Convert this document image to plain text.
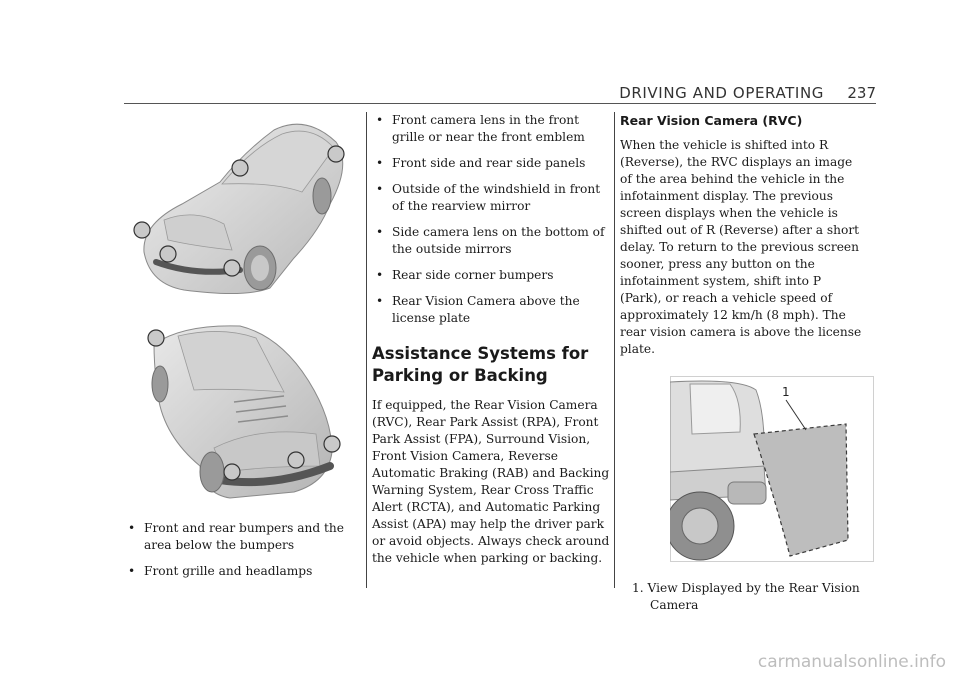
DRIVING AND OPERATING 237
• Front and rear bumpers and the area below the bumpers
• Front grille and headlamps
• Front camera lens in the front grille or near the front emblem
• Front side and rear side panels
• Outside of the windshield in front of the rearview mirror
• Side camera lens on the bottom of the outside mirrors
• Rear side corner bumpers
• Rear Vision Camera above the license plate
Assistance Systems for Parking or Backing

If equipped, the Rear Vision Camera (RVC), Rear Park Assist (RPA), Front Park Assist (FPA), Surround Vision, Front Vision Camera, Reverse Automatic Braking (RAB) and Backing Warning System, Rear Cross Traffic Alert (RCTA), and Automatic Parking Assist (APA) may help the driver park or avoid objects. Always check around the vehicle when parking or backing.

Rear Vision Camera (RVC)

When the vehicle is shifted into R (Reverse), the RVC displays an image of the area behind the vehicle in the infotainment display. The previous screen displays when the vehicle is shifted out of R (Reverse) after a short delay. To return to the previous screen sooner, press any button on the infotainment system, shift into P (Park), or reach a vehicle speed of approximately 12 km/h (8 mph). The rear vision camera is above the license plate.

1

1. View Displayed by the Rear Vision Camera

carmanualsonline.info
